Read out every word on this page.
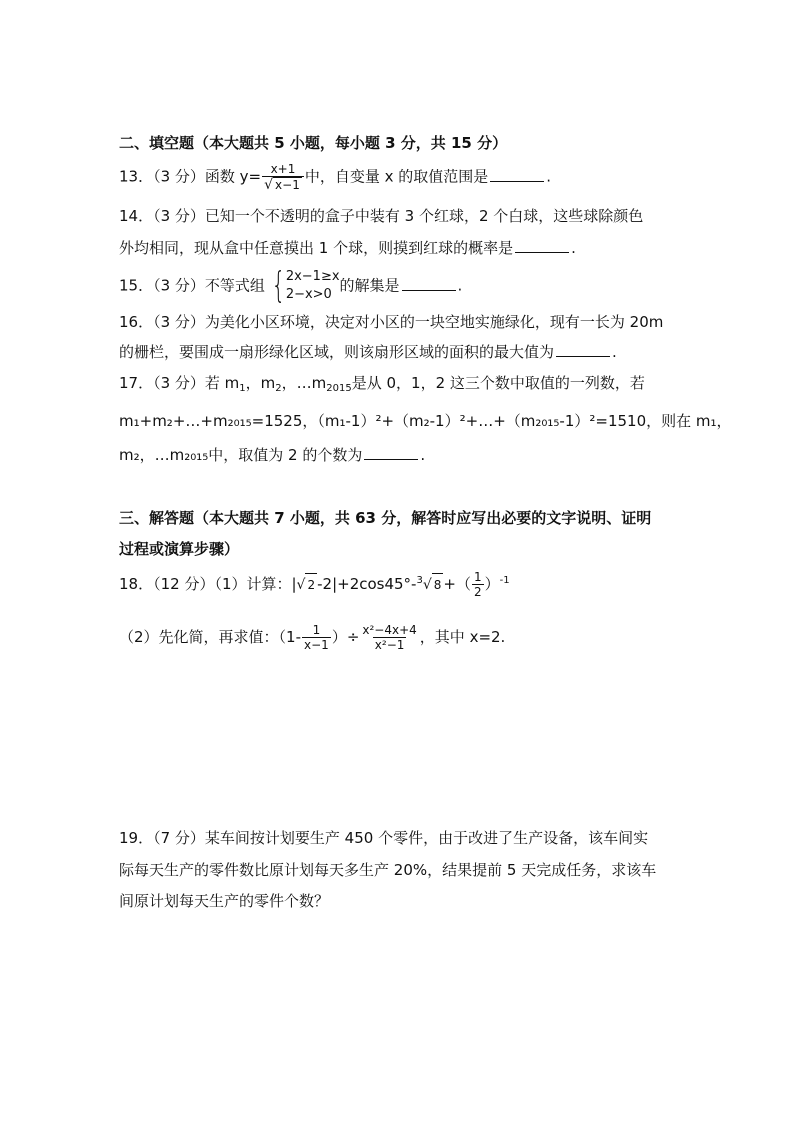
二、填空题（本大题共 5 小题，每小题 3 分，共 15 分）
13．（3 分）函数 $y= \frac{x+1}{√ x-1}$ 中，自变量 x 的取值范围是	.
14．（3 分）已知一个不透明的盒子中装有 3 个红球，2 个白球，这些球除颜色
外均相同，现从盒中任意摸出 1 个球，则摸到红球的概率是	.
15．（3 分）不等式组 { 2x−1≥x
2−x>0 的解集是	.
16．（3 分）为美化小区环境，决定对小区的一块空地实施绿化，现有一长为 20m
的栅栏，要围成一扇形绿化区域，则该扇形区域的面积的最大值为	.
17．（3 分）若 $m_1$，$m_2$，$\dots m_{2015}$是从 0，1，2 这三个数中取值的一列数，若
m₁+m₂+…+m₂₀₁₅=1525，（m₁-1）²+（m₂-1）²+…+（m₂₀₁₅-1）²=1510，则在 m₁，
m₂，…m₂₀₁₅中，取值为 2 的个数为	.
三、解答题（本大题共 7 小题，共 63 分，解答时应写出必要的文字说明、证明
过程或演算步骤）
18．（12 分）（1）计算：| √ 2 -2|+2cos45°-$^3$ √ 8 +（ $\frac{1}{2} )^{-1}$
（2）先化简，再求值：（$1- \frac{1}{x-1}$ ）÷ $\frac{\text{x²−4x+4}}{\text{x²−1}}$ ，其中 x=2.
19．（7 分）某车间按计划要生产 450 个零件，由于改进了生产设备，该车间实
际每天生产的零件数比原计划每天多生产 20%，结果提前 5 天完成任务，求该车
间原计划每天生产的零件个数？
